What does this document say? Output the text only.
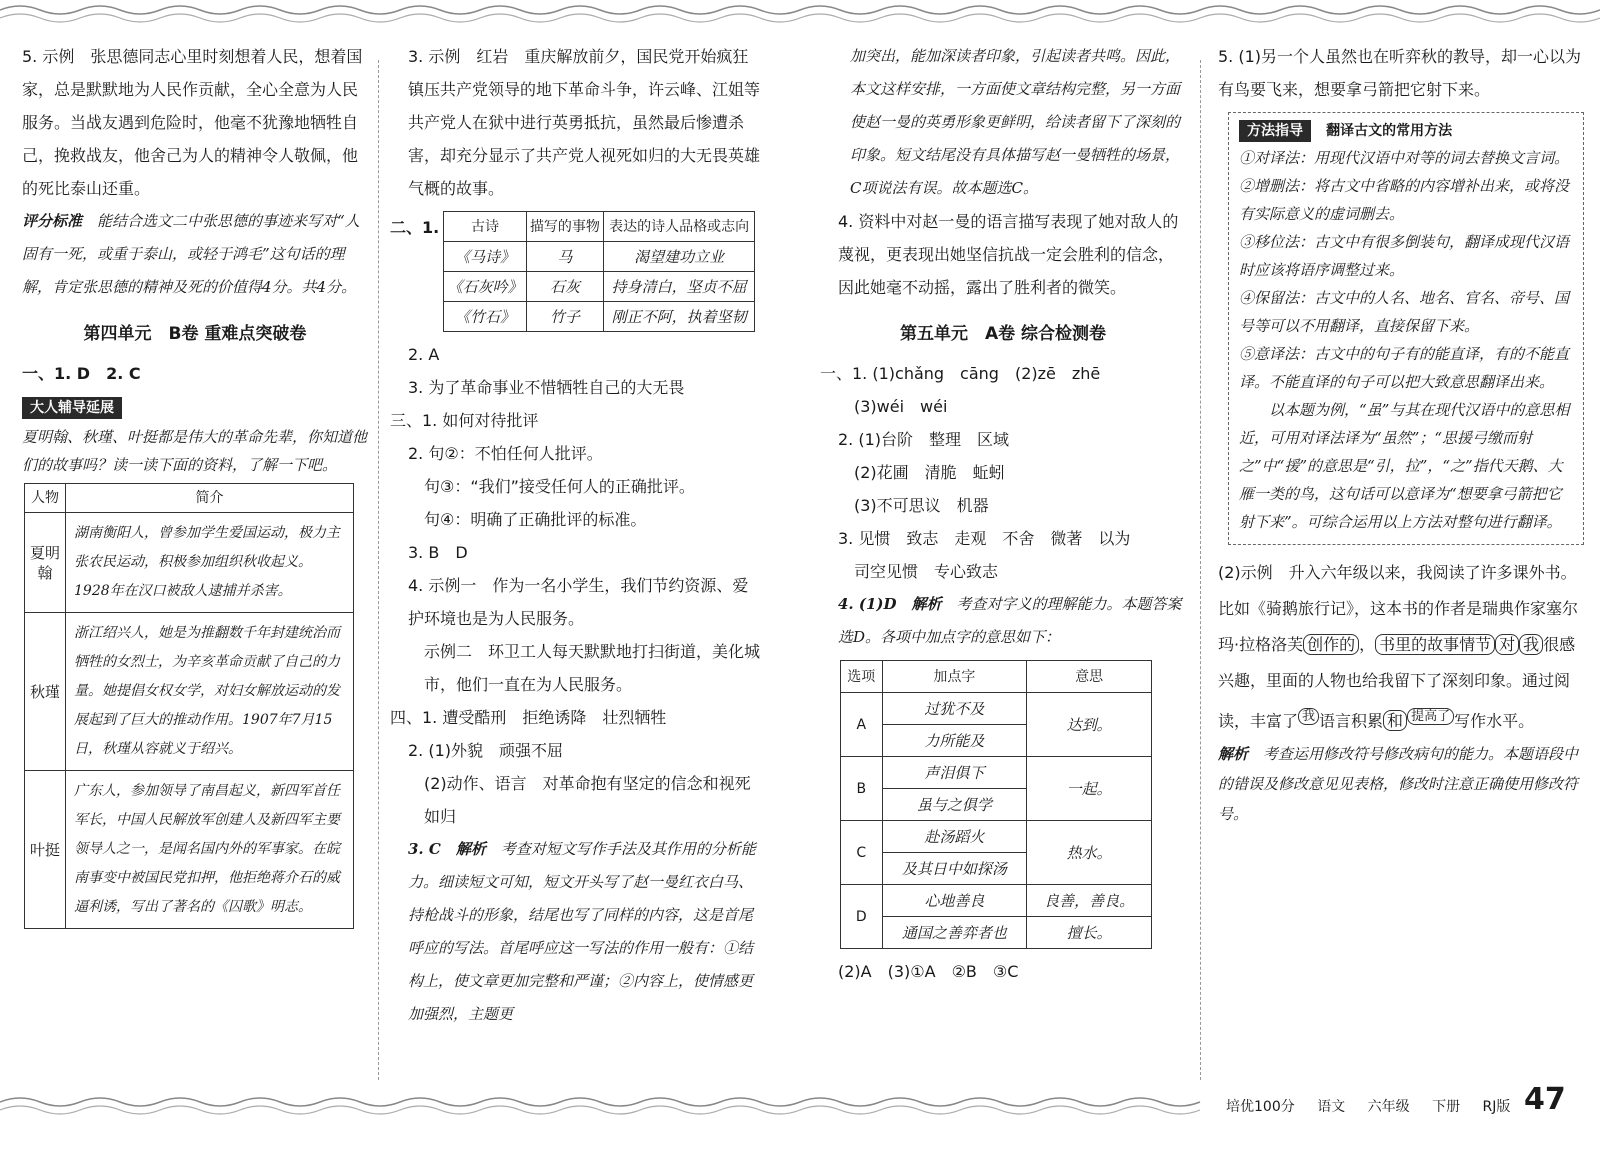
5. 示例　张思德同志心里时刻想着人民，想着国家，总是默默地为人民作贡献，全心全意为人民服务。当战友遇到危险时，他毫不犹豫地牺牲自己，挽救战友，他舍己为人的精神令人敬佩，他的死比泰山还重。

评分标准　 能结合选文二中张思德的事迹来写对“人固有一死，或重于泰山，或轻于鸿毛”这句话的理解，肯定张思德的精神及死的价值得4分。共4分。

第四单元　B卷 重难点突破卷

一、1. D　2. C

大人辅导延展

夏明翰、秋瑾、叶挺都是伟大的革命先辈，你知道他们的故事吗？读一读下面的资料，了解一下吧。

人物	简介
夏明翰	湖南衡阳人，曾参加学生爱国运动，极力主张农民运动，积极参加组织秋收起义。1928年在汉口被敌人逮捕并杀害。
秋瑾	浙江绍兴人，她是为推翻数千年封建统治而牺牲的女烈士，为辛亥革命贡献了自己的力量。她提倡女权女学，对妇女解放运动的发展起到了巨大的推动作用。1907年7月15日，秋瑾从容就义于绍兴。
叶挺	广东人，参加领导了南昌起义，新四军首任军长，中国人民解放军创建人及新四军主要领导人之一，是闻名国内外的军事家。在皖南事变中被国民党扣押，他拒绝蒋介石的威逼利诱，写出了著名的《囚歌》明志。

3. 示例　红岩　重庆解放前夕，国民党开始疯狂镇压共产党领导的地下革命斗争，许云峰、江姐等共产党人在狱中进行英勇抵抗，虽然最后惨遭杀害，却充分显示了共产党人视死如归的大无畏英雄气概的故事。

二、1. 古诗	描写的事物	表达的诗人品格或志向
《马诗》	马	渴望建功立业
《石灰吟》	石灰	持身清白，坚贞不屈
《竹石》	竹子	刚正不阿，执着坚韧

2. A

3. 为了革命事业不惜牺牲自己的大无畏

三、1. 如何对待批评

2. 句②：不怕任何人批评。

句③：“我们”接受任何人的正确批评。

句④：明确了正确批评的标准。

3. B　D

4. 示例一　作为一名小学生，我们节约资源、爱护环境也是为人民服务。

示例二　环卫工人每天默默地打扫街道，美化城市，他们一直在为人民服务。

四、1. 遭受酷刑　拒绝诱降　壮烈牺牲

2. (1)外貌　顽强不屈

(2)动作、语言　对革命抱有坚定的信念和视死如归

3. C　解析　 考查对短文写作手法及其作用的分析能力。细读短文可知，短文开头写了赵一曼红衣白马、持枪战斗的形象，结尾也写了同样的内容，这是首尾呼应的写法。首尾呼应这一写法的作用一般有：①结构上，使文章更加完整和严谨；②内容上，使情感更加强烈，主题更

加突出，能加深读者印象，引起读者共鸣。因此，本文这样安排，一方面使文章结构完整，另一方面使赵一曼的英勇形象更鲜明，给读者留下了深刻的印象。短文结尾没有具体描写赵一曼牺牲的场景，C项说法有误。故本题选C。

4. 资料中对赵一曼的语言描写表现了她对敌人的蔑视，更表现出她坚信抗战一定会胜利的信念，因此她毫不动摇，露出了胜利者的微笑。

第五单元　A卷 综合检测卷

一、1. (1)chǎng　cāng　(2)zē　zhē

(3)wéi　wéi

2. (1)台阶　整理　区域

(2)花圃　清脆　蚯蚓

(3)不可思议　机器

3. 见惯　致志　走观　不舍　微著　以为

司空见惯　专心致志

4. (1)D　解析　 考查对字义的理解能力。本题答案选D。各项中加点字的意思如下：

选项	加点字	意思
A	过犹不及	达到。
	力所能及	
B	声泪俱下	一起。
	虽与之俱学	
C	赴汤蹈火	热水。
	及其日中如探汤	
D	心地善良	良善，善良。
	通国之善弈者也	擅长。

(2)A　(3)①A　②B　③C

5. (1)另一个人虽然也在听弈秋的教导，却一心以为有鸟要飞来，想要拿弓箭把它射下来。

方法指导 翻译古文的常用方法

①对译法：用现代汉语中对等的词去替换文言词。

②增删法：将古文中省略的内容增补出来，或将没有实际意义的虚词删去。

③移位法：古文中有很多倒装句，翻译成现代汉语时应该将语序调整过来。

④保留法：古文中的人名、地名、官名、帝号、国号等可以不用翻译，直接保留下来。

⑤意译法：古文中的句子有的能直译，有的不能直译。不能直译的句子可以把大致意思翻译出来。

以本题为例，“虽”与其在现代汉语中的意思相近，可用对译法译为“虽然”；“思援弓缴而射之”中“援”的意思是“引，拉”，“之”指代天鹅、大雁一类的鸟，这句话可以意译为“想要拿弓箭把它射下来”。可综合运用以上方法对整句进行翻译。

(2)示例　升入六年级以来，我阅读了许多课外书。比如《骑鹅旅行记》，这本书的作者是瑞典作家塞尔玛·拉格洛芙 创作的 ， 书里的故事情节 对 我 很感兴趣，里面的人物也给我留下了深刻印象。通过阅读，丰富了 $^我$ 语言积累 和 $^{提高了}$ 写作水平。

解析　 考查运用修改符号修改病句的能力。本题语段中的错误及修改意见见表格，修改时注意正确使用修改符号。

培优100分 语文 六年级 下册 RJ版 47
